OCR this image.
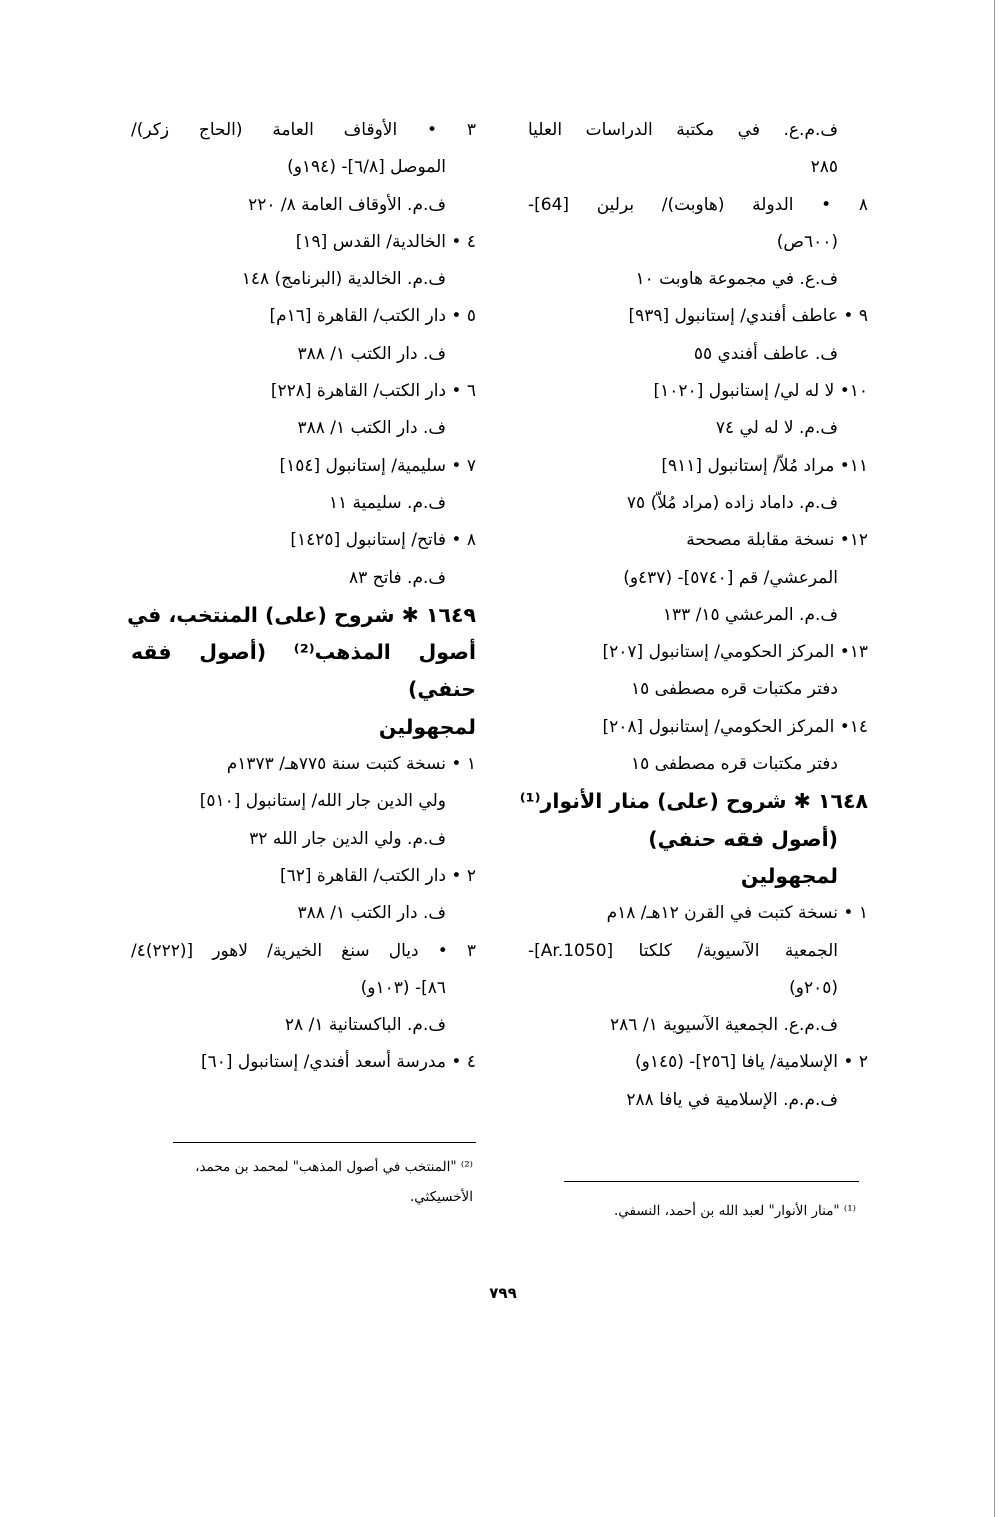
ف.م.ع. في مكتبة الدراسات العليا
٢٨٥
٨ • الدولة (هاوبت)/ برلين [64]-
(٦٠٠ص)
ف.ع. في مجموعة هاوبت ١٠
٩ • عاطف أفندي/ إستانبول [٩٣٩]
ف. عاطف أفندي ٥٥
١٠• لا له لي/ إستانبول [١٠٢٠]
ف.م. لا له لي ٧٤
١١• مراد مُلاّ/ إستانبول [٩١١]
ف.م. داماد زاده (مراد مُلاّ) ٧٥
١٢• نسخة مقابلة مصححة
المرعشي/ قم [٥٧٤٠]- (٤٣٧و)
ف.م. المرعشي ١٥/ ١٣٣
١٣• المركز الحكومي/ إستانبول [٢٠٧]
دفتر مكتبات قره مصطفى ١٥
١٤• المركز الحكومي/ إستانبول [٢٠٨]
دفتر مكتبات قره مصطفى ١٥
١٦٤٨ ✱ شروح (على) منار الأنوار⁽¹⁾
(أصول فقه حنفي)
لمجهولين
١ • نسخة كتبت في القرن ١٢هـ/ ١٨م
الجمعية الآسيوية/ كلكتا [Ar.1050]-
(٢٠٥و)
ف.م.ع. الجمعية الآسيوية ١/ ٢٨٦
٢ • الإسلامية/ يافا [٢٥٦]- (١٤٥و)
ف.م.م. الإسلامية في يافا ٢٨٨
٣ • الأوقاف العامة (الحاج زكر)/
الموصل [٦/٨]- (١٩٤و)
ف.م. الأوقاف العامة ٨/ ٢٢٠
٤ • الخالدية/ القدس [١٩]
ف.م. الخالدية (البرنامج) ١٤٨
٥ • دار الكتب/ القاهرة [١٦م]
ف. دار الكتب ١/ ٣٨٨
٦ • دار الكتب/ القاهرة [٢٢٨]
ف. دار الكتب ١/ ٣٨٨
٧ • سليمية/ إستانبول [١٥٤]
ف.م. سليمية ١١
٨ • فاتح/ إستانبول [١٤٢٥]
ف.م. فاتح ٨٣
١٦٤٩ ✱ شروح (على) المنتخب، في
أصول المذهب⁽²⁾ (أصول فقه
حنفي)
لمجهولين
١ • نسخة كتبت سنة ٧٧٥هـ/ ١٣٧٣م
ولي الدين جار الله/ إستانبول [٥١٠]
ف.م. ولي الدين جار الله ٣٢
٢ • دار الكتب/ القاهرة [٦٢]
ف. دار الكتب ١/ ٣٨٨
٣ • ديال سنغ الخيرية/ لاهور [(٢٢٢)٤/
٨٦]- (١٠٣و)
ف.م. الباكستانية ١/ ٢٨
٤ • مدرسة أسعد أفندي/ إستانبول [٦٠]
⁽²⁾ "المنتخب في أصول المذهب" لمحمد بن محمد،
الأخسيكثي.
⁽¹⁾ "منار الأنوار" لعبد الله بن أحمد، النسفي.
٧٩٩
